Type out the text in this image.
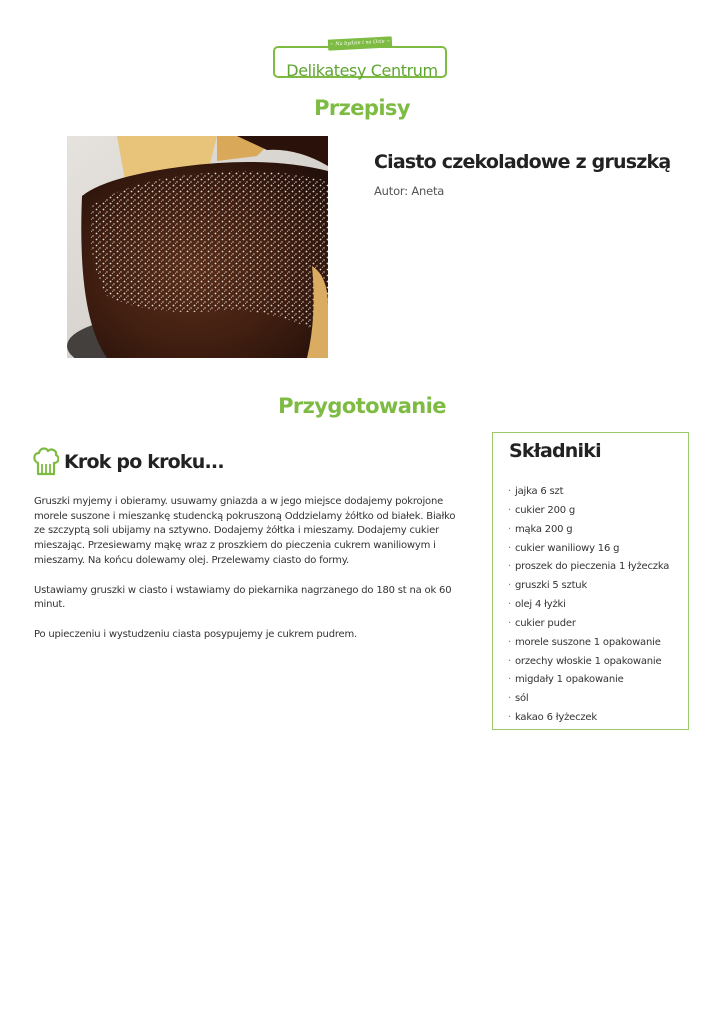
Delikatesy Centrum
~ Na bydzie i na Ocie ~
Przepisy
Ciasto czekoladowe z gruszką
Autor: Aneta
Przygotowanie
Krok po kroku...

Gruszki myjemy i obieramy. usuwamy gniazda a w jego miejsce dodajemy pokrojone morele suszone i mieszankę studencką pokruszoną Oddzielamy żółtko od białek. Białko ze szczyptą soli ubijamy na sztywno. Dodajemy żółtka i mieszamy. Dodajemy cukier mieszając. Przesiewamy mąkę wraz z proszkiem do pieczenia cukrem waniliowym i mieszamy. Na końcu dolewamy olej. Przelewamy ciasto do formy.

Ustawiamy gruszki w ciasto i wstawiamy do piekarnika nagrzanego do 180 st na ok 60 minut.

Po upieczeniu i wystudzeniu ciasta posypujemy je cukrem pudrem.

Składniki
· jajka 6 szt
· cukier 200 g
· mąka 200 g
· cukier waniliowy 16 g
· proszek do pieczenia 1 łyżeczka
· gruszki 5 sztuk
· olej 4 łyżki
· cukier puder
· morele suszone 1 opakowanie
· orzechy włoskie 1 opakowanie
· migdały 1 opakowanie
· sól
· kakao 6 łyżeczek
